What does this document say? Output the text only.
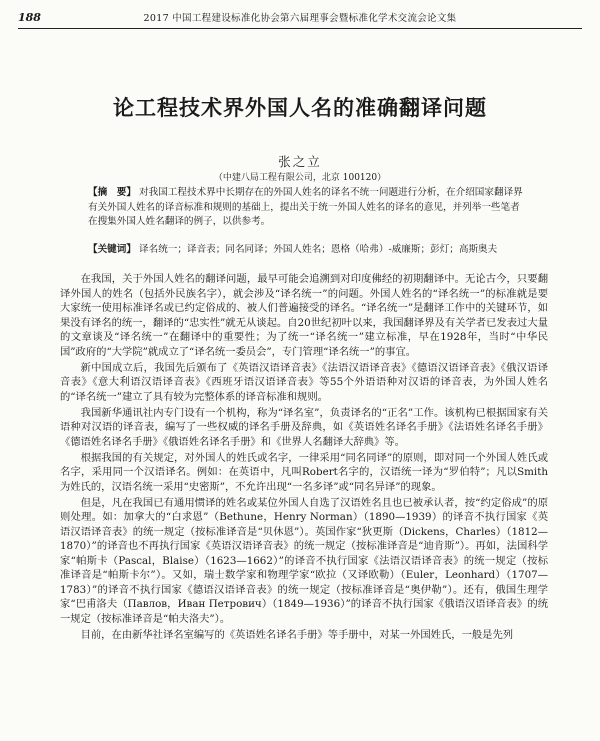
188	2017 中国工程建设标准化协会第六届理事会暨标准化学术交流会论文集
论工程技术界外国人名的准确翻译问题
张之立
（中建八局工程有限公司，北京 100120）
【摘　要】 对我国工程技术界中长期存在的外国人姓名的译名不统一问题进行分析，在介绍国家翻译界有关外国人姓名的译音标准和规则的基础上，提出关于统一外国人姓名的译名的意见，并列举一些笔者在搜集外国人姓名翻译的例子，以供参考。
【关键词】 译名统一；译音表；同名同译；外国人姓名；恩格（哈弗）-威廉斯；彭灯；高斯奥夫

在我国，关于外国人姓名的翻译问题，最早可能会追溯到对印度佛经的初期翻译中。无论古今，只要翻译外国人的姓名（包括外民族名字），就会涉及“译名统一”的问题。外国人姓名的“译名统一”的标准就是要大家统一使用标准译名或已约定俗成的、被人们普遍接受的译名。“译名统一”是翻译工作中的关键环节，如果没有译名的统一，翻译的“忠实性”就无从谈起。自20世纪初叶以来，我国翻译界及有关学者已发表过大量的文章谈及“译名统一”在翻译中的重要性；为了统一“译名统一”建立标准，早在1928年，当时“中华民国”政府的“大学院”就成立了“译名统一委员会”，专门管理“译名统一”的事宜。

新中国成立后，我国先后颁布了《英语汉语译音表》《法语汉语译音表》《德语汉语译音表》《俄汉语译音表》《意大利语汉语译音表》《西班牙语汉语译音表》等55个外语语种对汉语的译音表，为外国人姓名的“译名统一”建立了具有较为完整体系的译音标准和规则。

我国新华通讯社内专门设有一个机构，称为“译名室”，负责译名的“正名”工作。该机构已根据国家有关语种对汉语的译音表，编写了一些权威的译名手册及辞典，如《英语姓名译名手册》《法语姓名译名手册》《德语姓名译名手册》《俄语姓名译名手册》和《世界人名翻译大辞典》等。

根据我国的有关规定，对外国人的姓氏或名字，一律采用“同名同译”的原则，即对同一个外国人姓氏或名字，采用同一个汉语译名。例如：在英语中，凡叫Robert名字的，汉语统一译为“罗伯特”；凡以Smith为姓氏的，汉语名统一采用“史密斯”，不允许出现“一名多译”或“同名异译”的现象。

但是，凡在我国已有通用惯译的姓名或某位外国人自选了汉语姓名且也已被承认者，按“约定俗成”的原则处理。如：加拿大的“白求恩”（Bethune，Henry Norman）（1890—1939）的译音不执行国家《英语汉语译音表》的统一规定（按标准译音是“贝休恩”）。英国作家“狄更斯（Dickens，Charles）（1812—1870）”的译音也不再执行国家《英语汉语译音表》的统一规定（按标准译音是“迪肯斯”）。再如，法国科学家“帕斯卡（Pascal，Blaise）（1623—1662）”的译音不执行国家《法语汉语译音表》的统一规定（按标准译音是“帕斯卡尔”）。又如，瑞士数学家和物理学家“欧拉（又译欧勒）（Euler，Leonhard）（1707—1783）”的译音不执行国家《德语汉语译音表》的统一规定（按标准译音是“奥伊勒”）。还有，俄国生理学家“巴甫洛夫（Павлов，Иван Петрович）（1849—1936）”的译音不执行国家《俄语汉语译音表》的统一规定（按标准译音是“帕夫洛夫”）。

目前，在由新华社译名室编写的《英语姓名译名手册》等手册中，对某一外国姓氏，一般是先列
